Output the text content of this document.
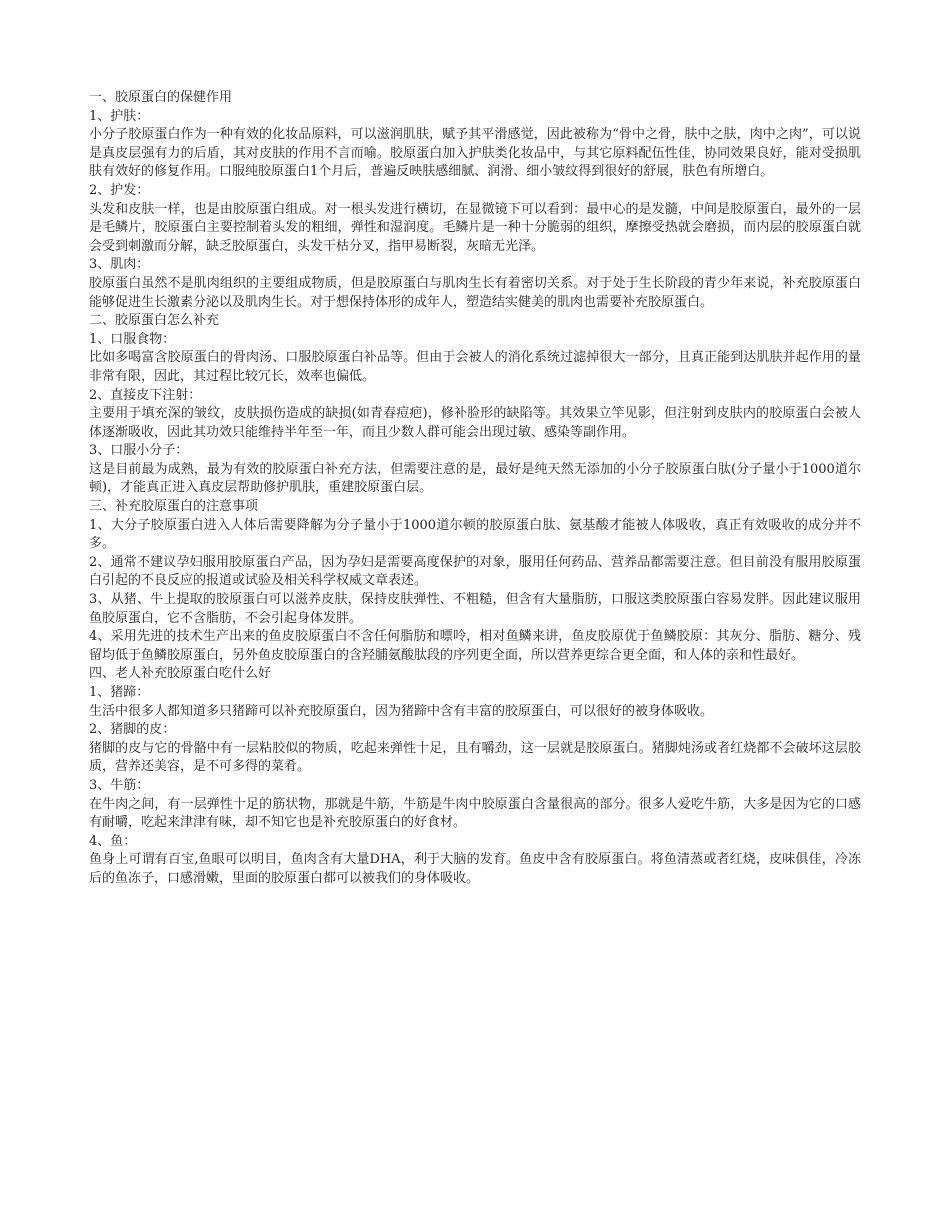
一、胶原蛋白的保健作用

1、护肤：

小分子胶原蛋白作为一种有效的化妆品原料，可以滋润肌肤，赋予其平滑感觉，因此被称为“骨中之骨，肤中之肤，肉中之肉”，可以说是真皮层强有力的后盾，其对皮肤的作用不言而喻。胶原蛋白加入护肤类化妆品中，与其它原料配伍性佳，协同效果良好，能对受损肌肤有效好的修复作用。口服纯胶原蛋白1个月后，普遍反映肤感细腻、润滑、细小皱纹得到很好的舒展，肤色有所增白。

2、护发：

头发和皮肤一样，也是由胶原蛋白组成。对一根头发进行横切，在显微镜下可以看到：最中心的是发髓，中间是胶原蛋白，最外的一层是毛鳞片，胶原蛋白主要控制着头发的粗细，弹性和湿润度。毛鳞片是一种十分脆弱的组织，摩擦受热就会磨损，而内层的胶原蛋白就会受到刺激而分解，缺乏胶原蛋白，头发干枯分叉，指甲易断裂，灰暗无光泽。

3、肌肉：

胶原蛋白虽然不是肌肉组织的主要组成物质，但是胶原蛋白与肌肉生长有着密切关系。对于处于生长阶段的青少年来说，补充胶原蛋白能够促进生长激素分泌以及肌肉生长。对于想保持体形的成年人，塑造结实健美的肌肉也需要补充胶原蛋白。

二、胶原蛋白怎么补充

1、口服食物：

比如多喝富含胶原蛋白的骨肉汤、口服胶原蛋白补品等。但由于会被人的消化系统过滤掉很大一部分，且真正能到达肌肤并起作用的量非常有限，因此，其过程比较冗长，效率也偏低。

2、直接皮下注射：

主要用于填充深的皱纹，皮肤损伤造成的缺损(如青春痘疤)，修补脸形的缺陷等。其效果立竿见影，但注射到皮肤内的胶原蛋白会被人体逐渐吸收，因此其功效只能维持半年至一年，而且少数人群可能会出现过敏、感染等副作用。

3、口服小分子：

这是目前最为成熟，最为有效的胶原蛋白补充方法，但需要注意的是，最好是纯天然无添加的小分子胶原蛋白肽(分子量小于1000道尔顿)，才能真正进入真皮层帮助修护肌肤，重建胶原蛋白层。

三、补充胶原蛋白的注意事项

1、大分子胶原蛋白进入人体后需要降解为分子量小于1000道尔顿的胶原蛋白肽、氨基酸才能被人体吸收，真正有效吸收的成分并不多。

2、通常不建议孕妇服用胶原蛋白产品，因为孕妇是需要高度保护的对象，服用任何药品、营养品都需要注意。但目前没有服用胶原蛋白引起的不良反应的报道或试验及相关科学权威文章表述。

3、从猪、牛上提取的胶原蛋白可以滋养皮肤，保持皮肤弹性、不粗糙，但含有大量脂肪，口服这类胶原蛋白容易发胖。因此建议服用鱼胶原蛋白，它不含脂肪，不会引起身体发胖。

4、采用先进的技术生产出来的鱼皮胶原蛋白不含任何脂肪和嘌呤，相对鱼鳞来讲，鱼皮胶原优于鱼鳞胶原：其灰分、脂肪、糖分、残留均低于鱼鳞胶原蛋白，另外鱼皮胶原蛋白的含羟脯氨酸肽段的序列更全面，所以营养更综合更全面，和人体的亲和性最好。

四、老人补充胶原蛋白吃什么好

1、猪蹄：

生活中很多人都知道多只猪蹄可以补充胶原蛋白，因为猪蹄中含有丰富的胶原蛋白，可以很好的被身体吸收。

2、猪脚的皮：

猪脚的皮与它的骨骼中有一层粘胶似的物质，吃起来弹性十足，且有嚼劲，这一层就是胶原蛋白。猪脚炖汤或者红烧都不会破坏这层胶质，营养还美容，是不可多得的菜肴。

3、牛筋：

在牛肉之间，有一层弹性十足的筋状物，那就是牛筋，牛筋是牛肉中胶原蛋白含量很高的部分。很多人爱吃牛筋，大多是因为它的口感有耐嚼，吃起来津津有味，却不知它也是补充胶原蛋白的好食材。

4、鱼：

鱼身上可谓有百宝,鱼眼可以明目，鱼肉含有大量DHA，利于大脑的发育。鱼皮中含有胶原蛋白。将鱼清蒸或者红烧，皮味俱佳，冷冻后的鱼冻子，口感滑嫩，里面的胶原蛋白都可以被我们的身体吸收。
